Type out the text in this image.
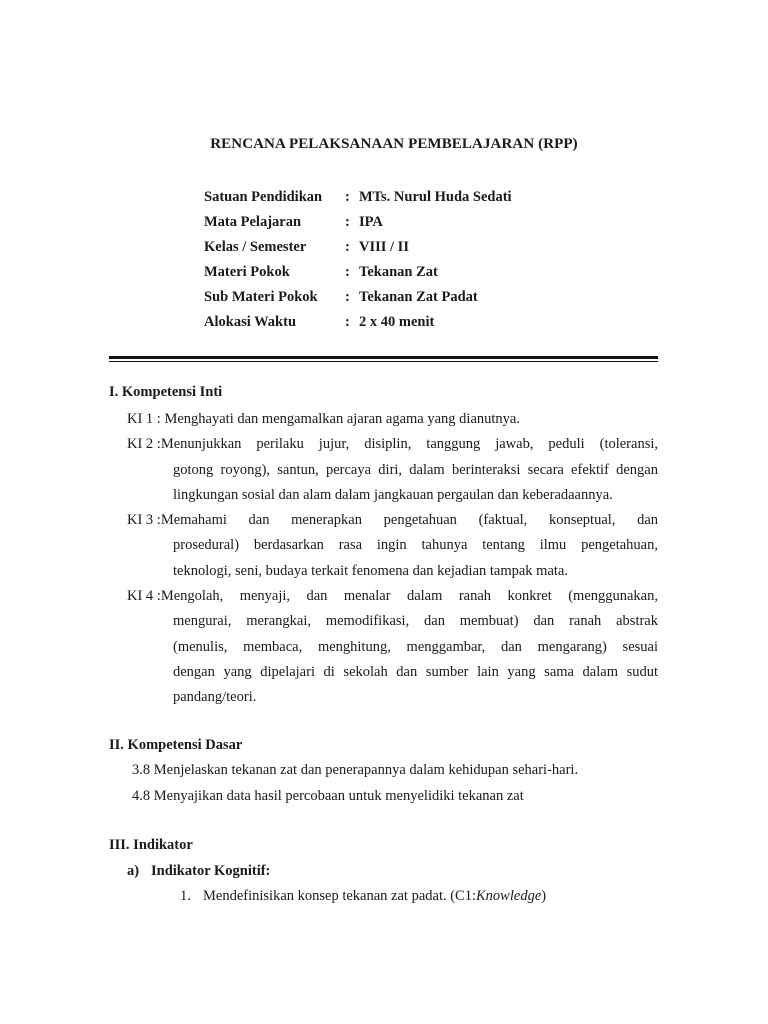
RENCANA PELAKSANAAN PEMBELAJARAN (RPP)
Satuan Pendidikan	: MTs. Nurul Huda Sedati
Mata Pelajaran	: IPA
Kelas / Semester	: VIII / II
Materi Pokok	: Tekanan Zat
Sub Materi Pokok	: Tekanan Zat Padat
Alokasi Waktu	: 2 x 40 menit
I. Kompetensi Inti
KI 1 : Menghayati dan mengamalkan ajaran agama yang dianutnya.
KI 2 : Menunjukkan perilaku jujur, disiplin, tanggung jawab, peduli (toleransi,
gotong royong), santun, percaya diri, dalam berinteraksi secara efektif dengan
lingkungan sosial dan alam dalam jangkauan pergaulan dan keberadaannya.
KI 3 : Memahami dan menerapkan pengetahuan (faktual, konseptual, dan
prosedural) berdasarkan rasa ingin tahunya tentang ilmu pengetahuan,
teknologi, seni, budaya terkait fenomena dan kejadian tampak mata.
KI 4 : Mengolah, menyaji, dan menalar dalam ranah konkret (menggunakan,
mengurai, merangkai, memodifikasi, dan membuat) dan ranah abstrak
(menulis, membaca, menghitung, menggambar, dan mengarang) sesuai
dengan yang dipelajari di sekolah dan sumber lain yang sama dalam sudut
pandang/teori.
II. Kompetensi Dasar
3.8 Menjelaskan tekanan zat dan penerapannya dalam kehidupan sehari-hari.
4.8 Menyajikan data hasil percobaan untuk menyelidiki tekanan zat
III. Indikator
a) Indikator Kognitif:
1. Mendefinisikan konsep tekanan zat padat. (C1:Knowledge)
